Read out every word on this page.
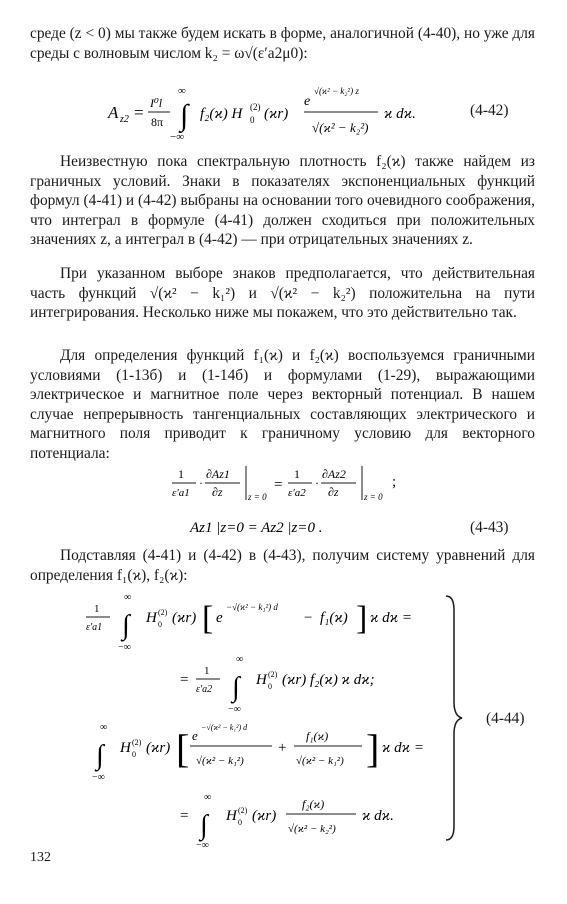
среде (z < 0) мы также будем искать в форме, аналогичной (4-40), но уже для среды с волновым числом k₂ = ω√(ε′a2μ0):

A z2 = I⁰l
8π
∞
∫
−∞
f₂(ϰ) H (2)
0 (ϰr)
e
√(ϰ² − k₂²) z
√(ϰ² − k₂²)
ϰ dϰ.	(4-42)

Неизвестную пока спектральную плотность f₂(ϰ) также найдем из граничных условий. Знаки в показателях экспоненциальных функций формул (4-41) и (4-42) выбраны на основании того очевидного соображения, что интеграл в формуле (4-41) должен сходиться при положительных значениях z, а интеграл в (4-42) — при отрицательных значениях z.

При указанном выборе знаков предполагается, что действительная часть функций √(ϰ² − k₁²) и √(ϰ² − k₂²) положительна на пути интегрирования. Несколько ниже мы покажем, что это действительно так.

Для определения функций f₁(ϰ) и f₂(ϰ) воспользуемся граничными условиями (1-13б) и (1-14б) и формулами (1-29), выражающими электрическое и магнитное поле через векторный потенциал. В нашем случае непрерывность тангенциальных составляющих электрического и магнитного поля приводит к граничному условию для векторного потенциала:

1
ε′a1
·
∂Az1
∂z	z = 0
=
1
ε′a2
·
∂Az2
∂z	z = 0
;
Az1 |z=0 = Az2 |z=0 .	(4-43)

Подставляя (4-41) и (4-42) в (4-43), получим систему уравнений для определения f₁(ϰ), f₂(ϰ):

1
ε′a1
∞
∫
−∞
H (2)
0 (ϰr) [ e
−√(ϰ² − k₁²) d
− f₁(ϰ) ] ϰ dϰ =
=
1
ε′a2
∞
∫
−∞
H (2)
0 (ϰr) f₂(ϰ) ϰ dϰ;
∞
∫
−∞
H (2)
0 (ϰr) [ e
−√(ϰ² − k₁²) d
√(ϰ² − k₁²)
+
f₁(ϰ)
√(ϰ² − k₁²) ] ϰ dϰ =
=
∞
∫
−∞
H (2)
0 (ϰr)
f₂(ϰ)
√(ϰ² − k₂²)
ϰ dϰ.
(4-44)
132
